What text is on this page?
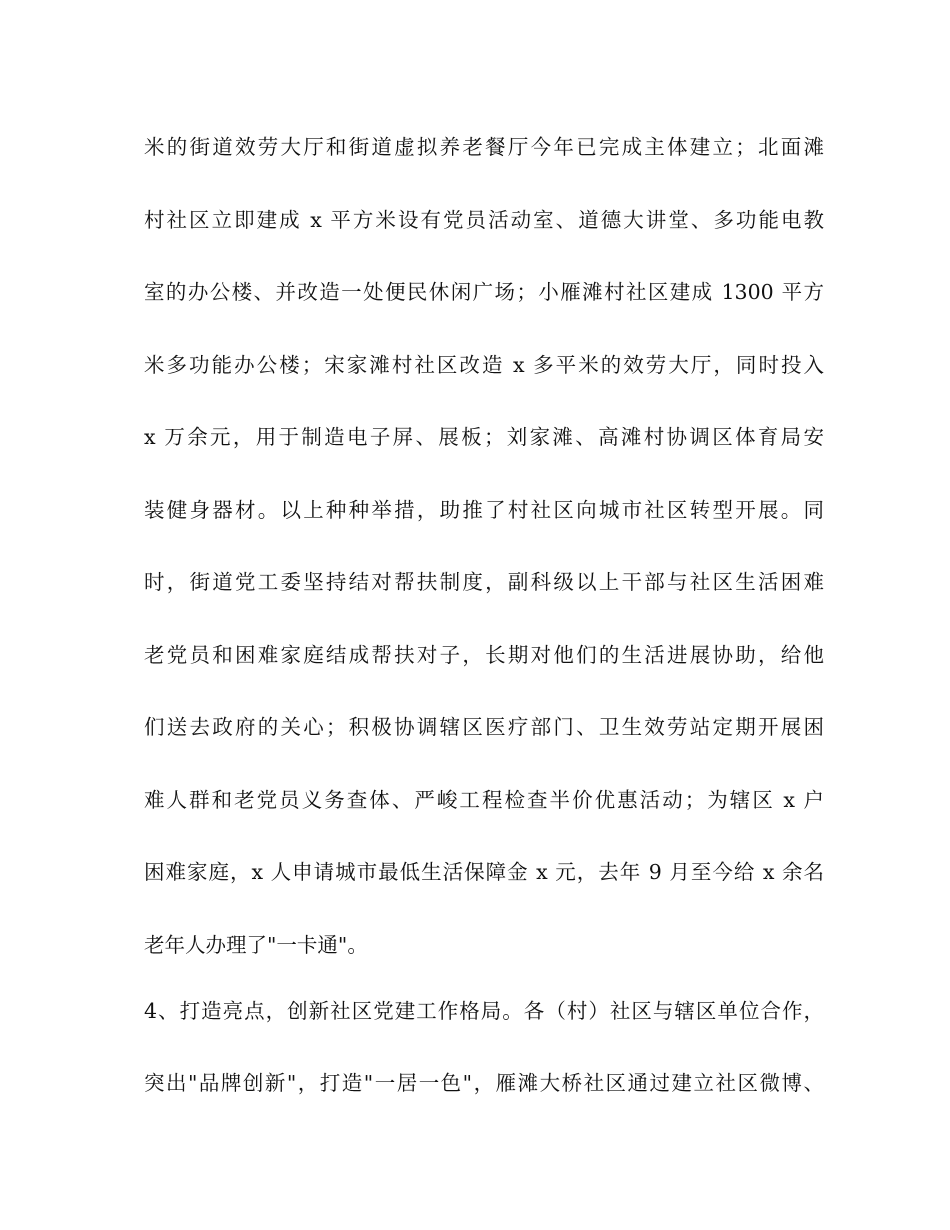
米的街道效劳大厅和街道虚拟养老餐厅今年已完成主体建立；北面滩
村社区立即建成 x 平方米设有党员活动室、道德大讲堂、多功能电教
室的办公楼、并改造一处便民休闲广场；小雁滩村社区建成 1300 平方
米多功能办公楼；宋家滩村社区改造 x 多平米的效劳大厅，同时投入
x 万余元，用于制造电子屏、展板；刘家滩、高滩村协调区体育局安
装健身器材。以上种种举措，助推了村社区向城市社区转型开展。同
时，街道党工委坚持结对帮扶制度，副科级以上干部与社区生活困难
老党员和困难家庭结成帮扶对子，长期对他们的生活进展协助，给他
们送去政府的关心；积极协调辖区医疗部门、卫生效劳站定期开展困
难人群和老党员义务查体、严峻工程检查半价优惠活动；为辖区 x 户
困难家庭，x 人申请城市最低生活保障金 x 元，去年 9 月至今给 x 余名
老年人办理了"一卡通"。
4、打造亮点，创新社区党建工作格局。各（村）社区与辖区单位合作，
突出"品牌创新"，打造"一居一色"，雁滩大桥社区通过建立社区微博、
